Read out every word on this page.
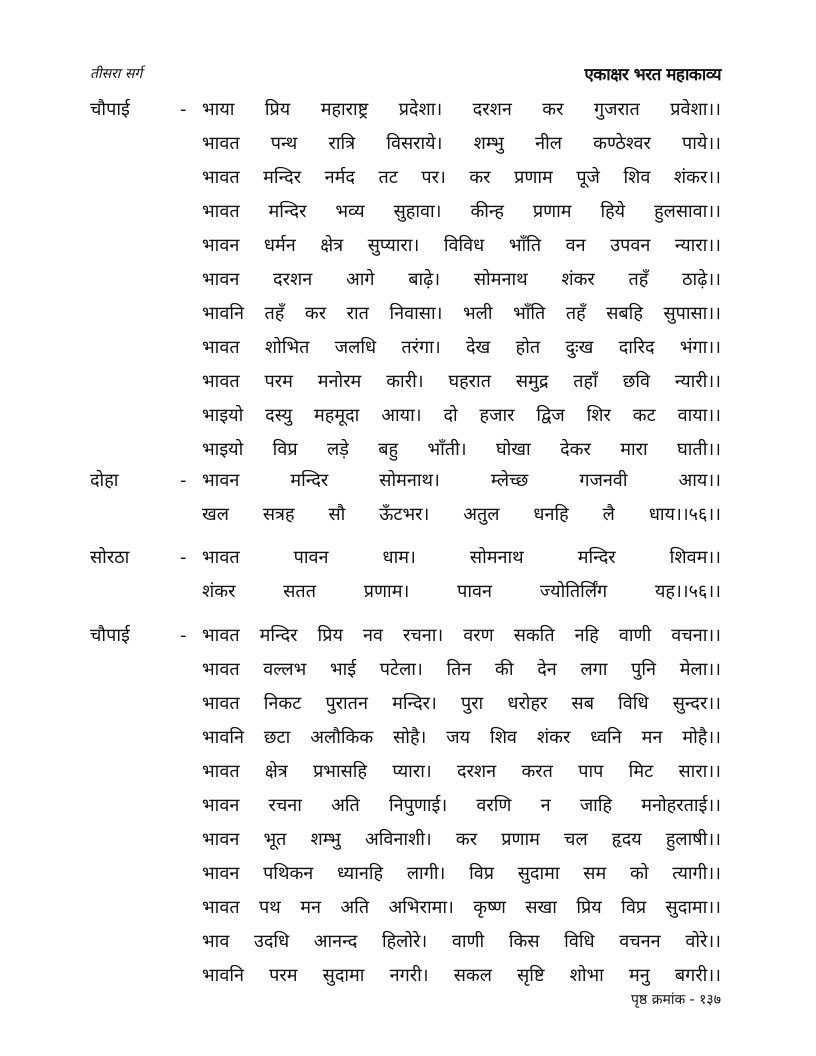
तीसरा सर्ग	एकाक्षर भरत महाकाव्य
चौपाई	- भाया प्रिय महाराष्ट्र प्रदेशा। दरशन कर गुजरात प्रवेशा।।
भावत पन्थ रात्रि विसराये। शम्भु नील कण्ठेश्वर पाये।।
भावत मन्दिर नर्मद तट पर। कर प्रणाम पूजे शिव शंकर।।
भावत मन्दिर भव्य सुहावा। कीन्ह प्रणाम हिये हुलसावा।।
भावन धर्मन क्षेत्र सुप्यारा। विविध भाँति वन उपवन न्यारा।।
भावन दरशन आगे बाढ़े। सोमनाथ शंकर तहँ ठाढ़े।।
भावनि तहँ कर रात निवासा। भली भाँति तहँ सबहि सुपासा।।
भावत शोभित जलधि तरंगा। देख होत दुःख दारिद भंगा।।
भावत परम मनोरम कारी। घहरात समुद्र तहाँ छवि न्यारी।।
भाइयो दस्यु महमूदा आया। दो हजार द्विज शिर कट वाया।।
भाइयो विप्र लड़े बहु भाँती। घोखा देकर मारा घाती।।
दोहा	- भावन मन्दिर सोमनाथ। म्लेच्छ गजनवी आय।।
खल सत्रह सौ ऊँटभर। अतुल धनहि लै धाय।।५६।।
सोरठा	- भावत पावन धाम। सोमनाथ मन्दिर शिवम।।
शंकर सतत प्रणाम। पावन ज्योतिर्लिंग यह।।५६।।
चौपाई	- भावत मन्दिर प्रिय नव रचना। वरण सकति नहि वाणी वचना।।
भावत वल्लभ भाई पटेला। तिन की देन लगा पुनि मेला।।
भावत निकट पुरातन मन्दिर। पुरा धरोहर सब विधि सुन्दर।।
भावनि छटा अलौकिक सोहै। जय शिव शंकर ध्वनि मन मोहै।।
भावत क्षेत्र प्रभासहि प्यारा। दरशन करत पाप मिट सारा।।
भावन रचना अति निपुणाई। वरणि न जाहि मनोहरताई।।
भावन भूत शम्भु अविनाशी। कर प्रणाम चल हृदय हुलाषी।।
भावन पथिकन ध्यानहि लागी। विप्र सुदामा सम को त्यागी।।
भावत पथ मन अति अभिरामा। कृष्ण सखा प्रिय विप्र सुदामा।।
भाव उदधि आनन्द हिलोरे। वाणी किस विधि वचनन वोरे।।
भावनि परम सुदामा नगरी। सकल सृष्टि शोभा मनु बगरी।।
पृष्ठ क्रमांक - १३७
